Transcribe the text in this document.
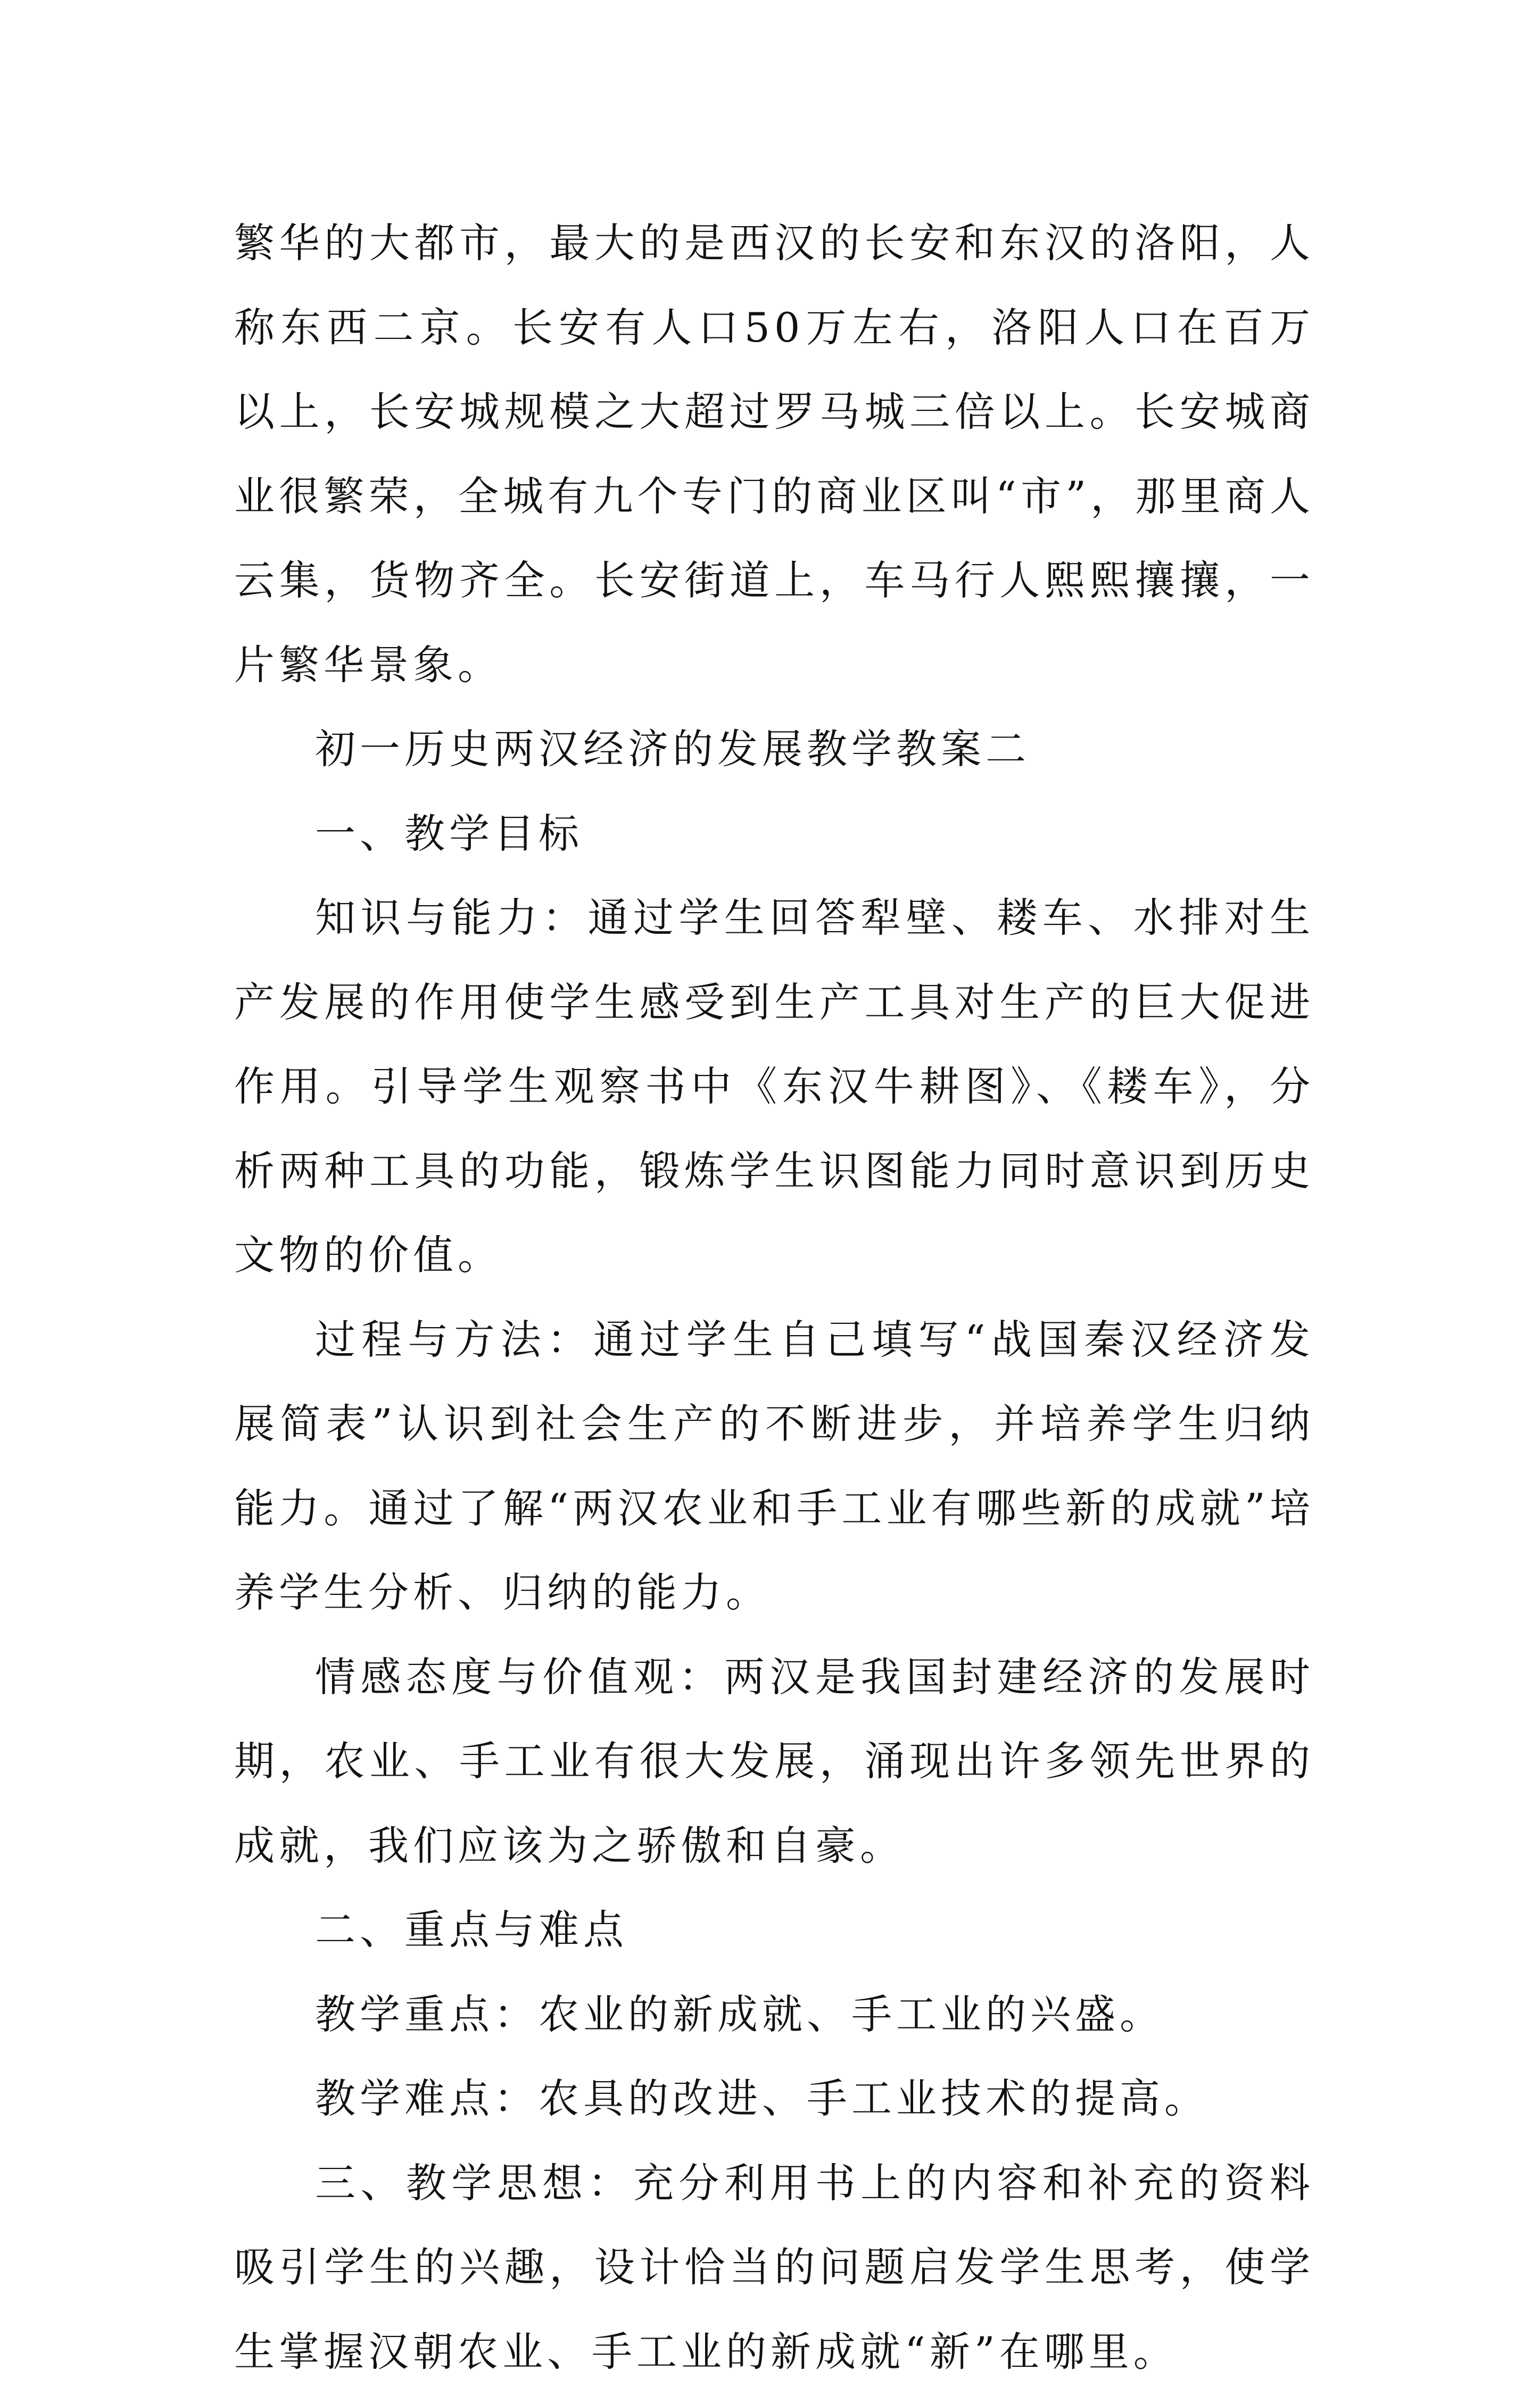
繁华的大都市，最大的是西汉的长安和东汉的洛阳，人称东西二京。长安有人口50万左右，洛阳人口在百万以上，长安城规模之大超过罗马城三倍以上。长安城商业很繁荣，全城有九个专门的商业区叫“市”，那里商人云集，货物齐全。长安街道上，车马行人熙熙攘攘，一片繁华景象。

初一历史两汉经济的发展教学教案二

一、教学目标

知识与能力：通过学生回答犁壁、耧车、水排对生产发展的作用使学生感受到生产工具对生产的巨大促进作用。引导学生观察书中《东汉牛耕图》、《耧车》，分析两种工具的功能，锻炼学生识图能力同时意识到历史文物的价值。

过程与方法：通过学生自己填写“战国秦汉经济发展简表”认识到社会生产的不断进步，并培养学生归纳能力。通过了解“两汉农业和手工业有哪些新的成就”培养学生分析、归纳的能力。

情感态度与价值观：两汉是我国封建经济的发展时期，农业、手工业有很大发展，涌现出许多领先世界的成就，我们应该为之骄傲和自豪。

二、重点与难点

教学重点：农业的新成就、手工业的兴盛。

教学难点：农具的改进、手工业技术的提高。

三、教学思想：充分利用书上的内容和补充的资料吸引学生的兴趣，设计恰当的问题启发学生思考，使学生掌握汉朝农业、手工业的新成就“新”在哪里。
